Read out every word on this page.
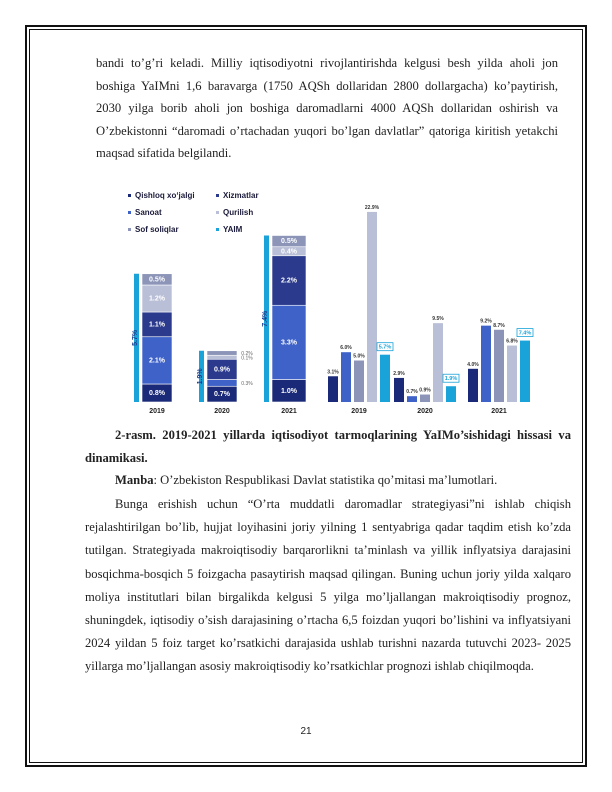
bandi to’g’ri keladi. Milliy iqtisodiyotni rivojlantirishda kelgusi besh yilda aholi jon boshiga YaIMni 1,6 baravarga (1750 AQSh dollaridan 2800 dollargacha) ko’paytirish, 2030 yilga borib aholi jon boshiga daromadlarni 4000 AQSh dollaridan oshirish va O’zbekistonni “daromadi o’rtachadan yuqori bo’lgan davlatlar” qatoriga kiritish yetakchi maqsad sifatida belgilandi.
Qishloq xo‘jalgi	Xizmatlar
Sanoat	Qurilish
Sof soliqlar	YAIM
0.8%
2.1%
1.1%
1.2%
0.5%
5.7%
2019
0.7%
0.3%
0.9%
0.1%
0.2%
1.9%
2020
1.0%
3.3%
2.2%
0.4%
0.5%
7.4%
2021
3.1%
6.0%
5.0%
22.9%
5.7%
2019
2.9%
0.7% 0.9%
9.5%
1.9%
2020
4.0%
9.2%
8.7%
6.8%
7.4%
2021
2-rasm. 2019-2021 yillarda iqtisodiyot tarmoqlarining YaIMo’sishidagi hissasi va dinamikasi.
Manba: O’zbekiston Respublikasi Davlat statistika qo’mitasi ma’lumotlari.
Bunga erishish uchun “O’rta muddatli daromadlar strategiyasi”ni ishlab chiqish rejalashtirilgan bo’lib, hujjat loyihasini joriy yilning 1 sentyabriga qadar taqdim etish ko’zda tutilgan. Strategiyada makroiqtisodiy barqarorlikni ta’minlash va yillik inflyatsiya darajasini bosqichma-bosqich 5 foizgacha pasaytirish maqsad qilingan. Buning uchun joriy yilda xalqaro moliya institutlari bilan birgalikda kelgusi 5 yilga mo’ljallangan makroiqtisodiy prognoz, shuningdek, iqtisodiy o’sish darajasining o’rtacha 6,5 foizdan yuqori bo’lishini va inflyatsiyani 2024 yildan 5 foiz target ko’rsatkichi darajasida ushlab turishni nazarda tutuvchi 2023- 2025 yillarga mo’ljallangan asosiy makroiqtisodiy ko’rsatkichlar prognozi ishlab chiqilmoqda.
21
